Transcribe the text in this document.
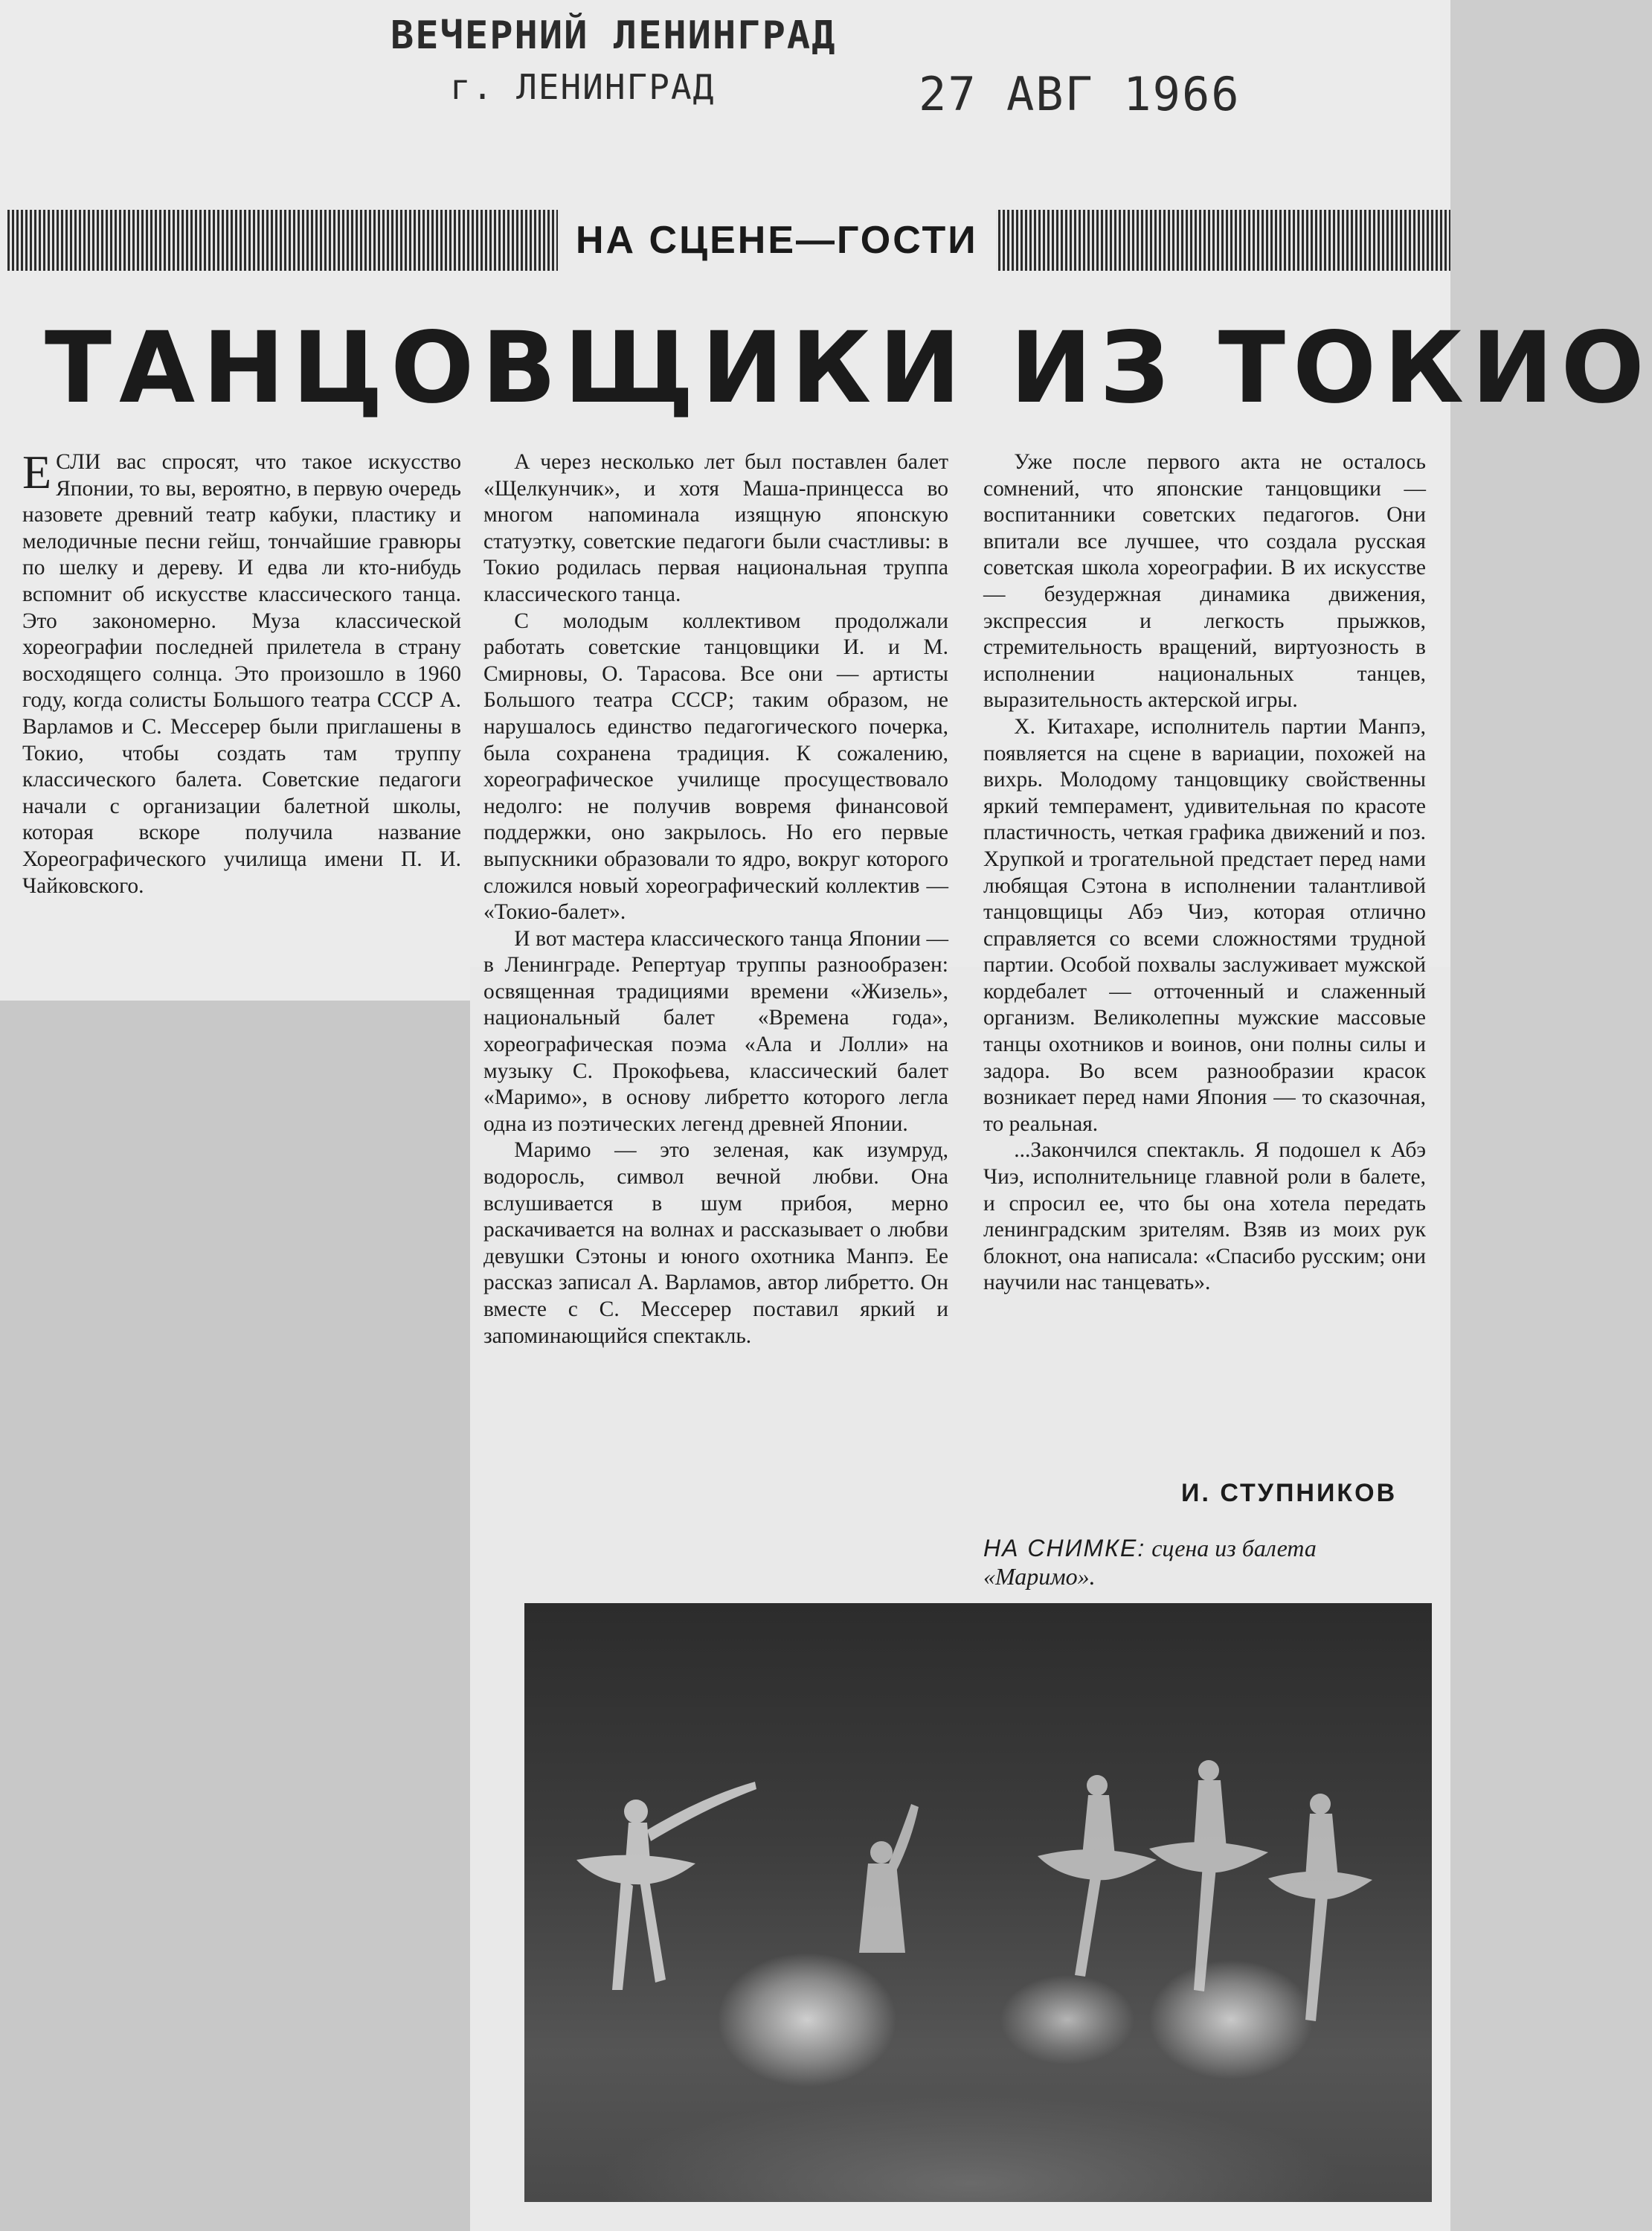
ВЕЧЕРНИЙ ЛЕНИНГРАД
г. ЛЕНИНГРАД	27 АВГ 1966
НА СЦЕНЕ—ГОСТИ
ТАНЦОВЩИКИ ИЗ ТОКИО

ЕСЛИ вас спросят, что такое искусство Японии, то вы, вероятно, в первую очередь назовете древний театр кабуки, пластику и мелодичные песни гейш, тончайшие гравюры по шелку и дереву. И едва ли кто-нибудь вспомнит об искусстве классического танца. Это закономерно. Муза классической хореографии последней прилетела в страну восходящего солнца. Это произошло в 1960 году, когда солисты Большого театра СССР А. Варламов и С. Мессерер были приглашены в Токио, чтобы создать там труппу классического балета. Советские педагоги начали с организации балетной школы, которая вскоре получила название Хореографического училища имени П. И. Чайковского.

А через несколько лет был поставлен балет «Щелкунчик», и хотя Маша-принцесса во многом напоминала изящную японскую статуэтку, советские педагоги были счастливы: в Токио родилась первая национальная труппа классического танца.

С молодым коллективом продолжали работать советские танцовщики И. и М. Смирновы, О. Тарасова. Все они — артисты Большого театра СССР; таким образом, не нарушалось единство педагогического почерка, была сохранена традиция. К сожалению, хореографическое училище просуществовало недолго: не получив вовремя финансовой поддержки, оно закрылось. Но его первые выпускники образовали то ядро, вокруг которого сложился новый хореографический коллектив — «Токио-балет».

И вот мастера классического танца Японии — в Ленинграде. Репертуар труппы разнообразен: освященная традициями времени «Жизель», национальный балет «Времена года», хореографическая поэма «Ала и Лолли» на музыку С. Прокофьева, классический балет «Маримо», в основу либретто которого легла одна из поэтических легенд древней Японии.

Маримо — это зеленая, как изумруд, водоросль, символ вечной любви. Она вслушивается в шум прибоя, мерно раскачивается на волнах и рассказывает о любви девушки Сэтоны и юного охотника Манпэ. Ее рассказ записал А. Варламов, автор либретто. Он вместе с С. Мессерер поставил яркий и запоминающийся спектакль.

Уже после первого акта не осталось сомнений, что японские танцовщики — воспитанники советских педагогов. Они впитали все лучшее, что создала русская советская школа хореографии. В их искусстве — безудержная динамика движения, экспрессия и легкость прыжков, стремительность вращений, виртуозность в исполнении национальных танцев, выразительность актерской игры.

Х. Китахаре, исполнитель партии Манпэ, появляется на сцене в вариации, похожей на вихрь. Молодому танцовщику свойственны яркий темперамент, удивительная по красоте пластичность, четкая графика движений и поз. Хрупкой и трогательной предстает перед нами любящая Сэтона в исполнении талантливой танцовщицы Абэ Чиэ, которая отлично справляется со всеми сложностями трудной партии. Особой похвалы заслуживает мужской кордебалет — отточенный и слаженный организм. Великолепны мужские массовые танцы охотников и воинов, они полны силы и задора. Во всем разнообразии красок возникает перед нами Япония — то сказочная, то реальная.

...Закончился спектакль. Я подошел к Абэ Чиэ, исполнительнице главной роли в балете, и спросил ее, что бы она хотела передать ленинградским зрителям. Взяв из моих рук блокнот, она написала: «Спасибо русским; они научили нас танцевать».

И. СТУПНИКОВ
НА СНИМКЕ: сцена из балета «Маримо».
